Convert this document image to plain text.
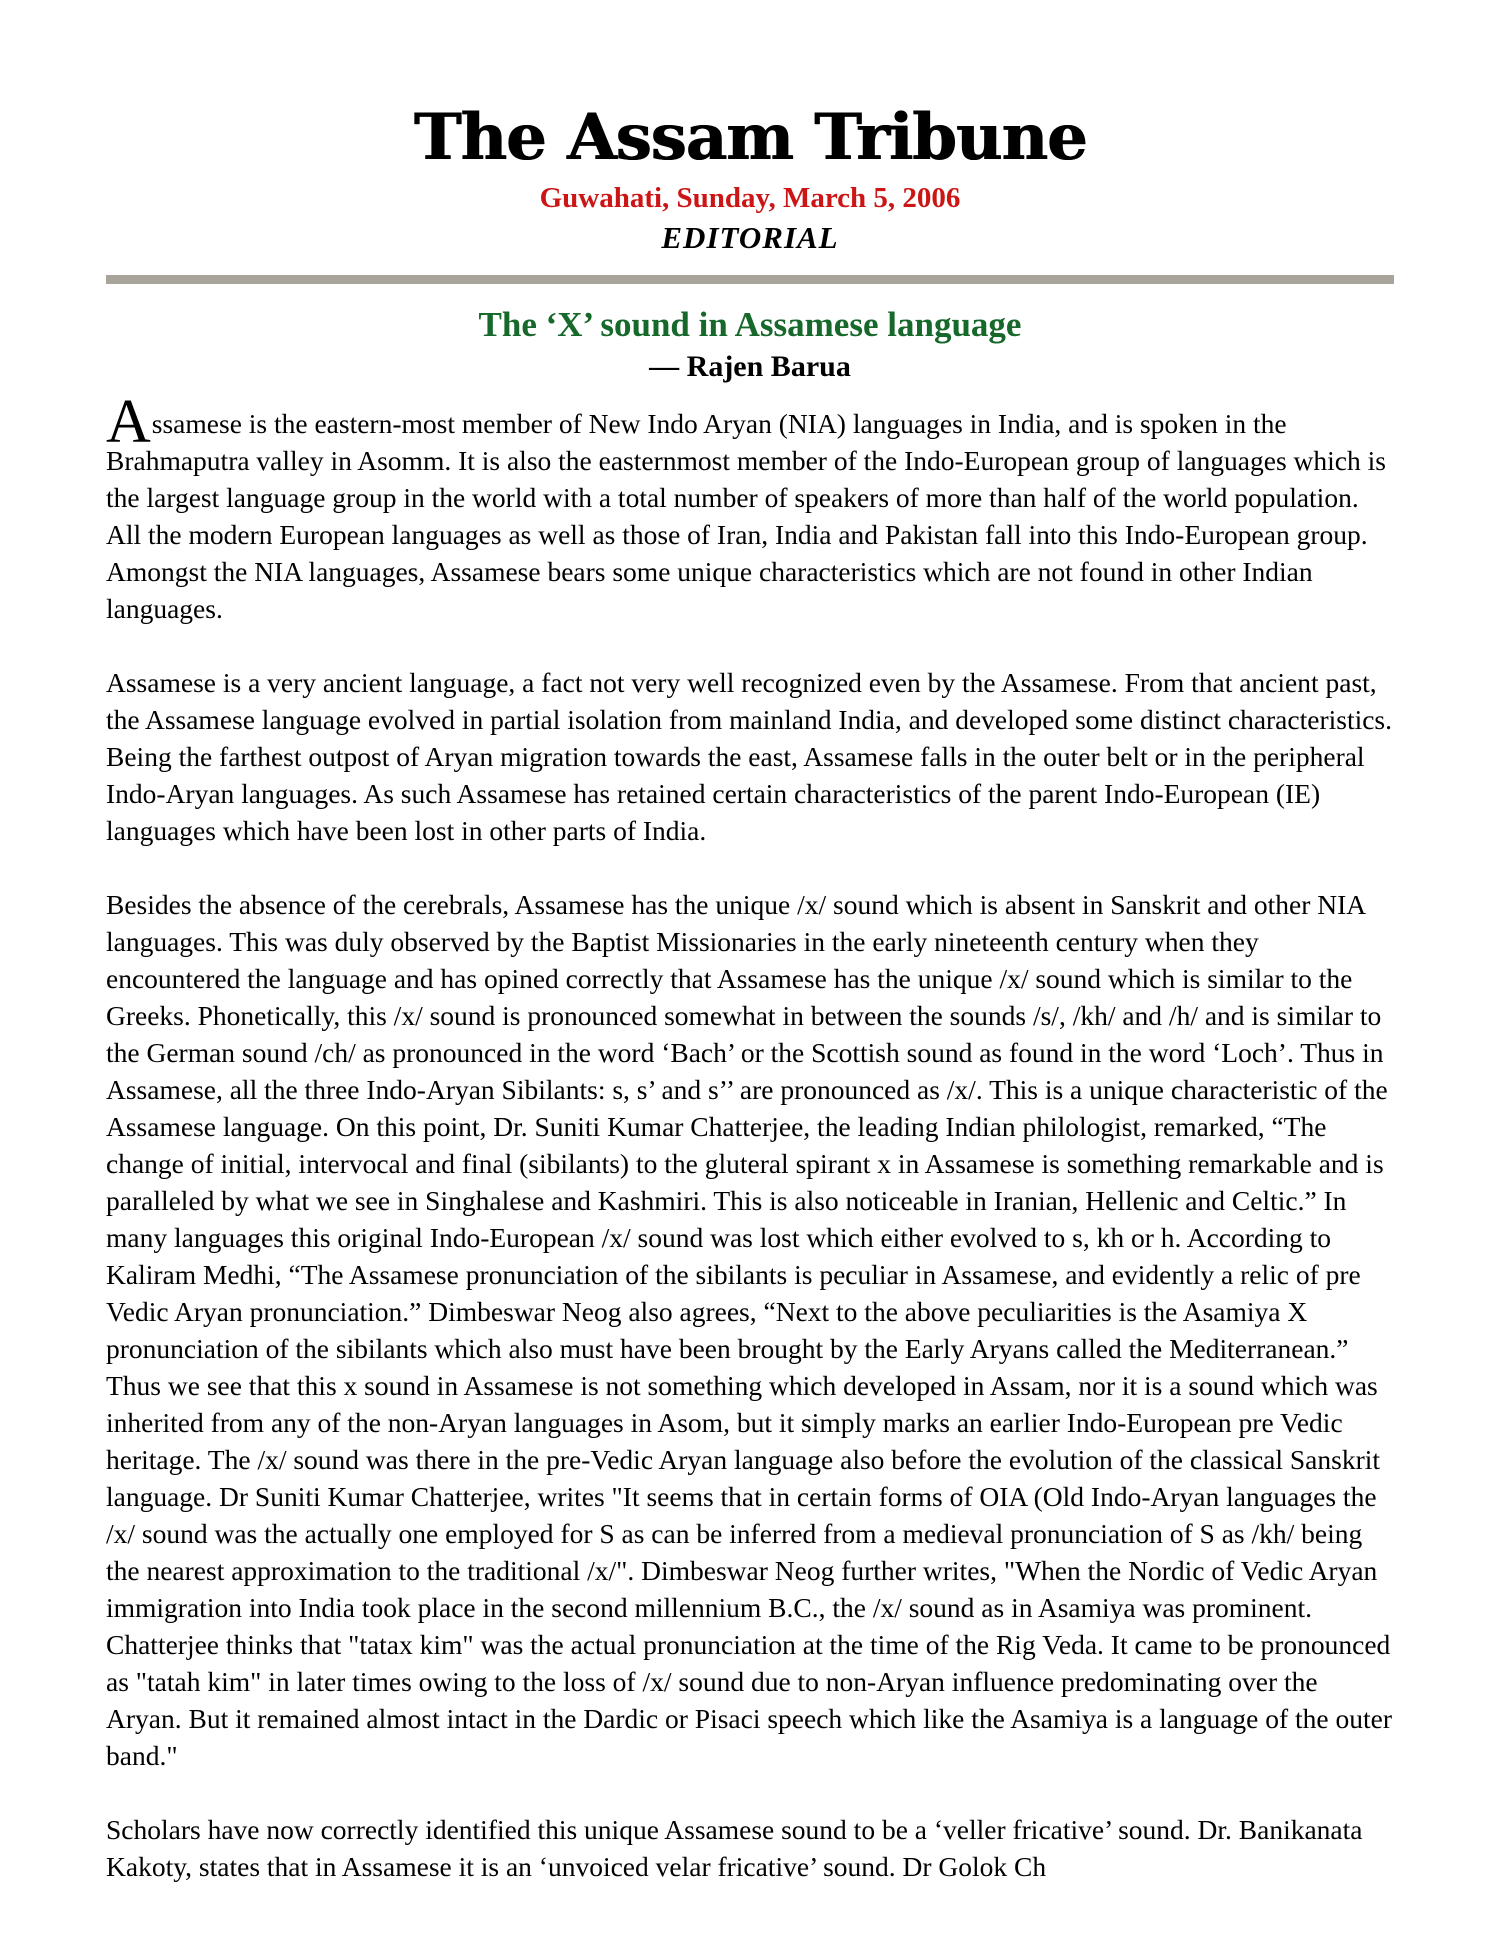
The Assam Tribune
Guwahati, Sunday, March 5, 2006
EDITORIAL
The ‘X’ sound in Assamese language
— Rajen Barua

Assamese is the eastern-most member of New Indo Aryan (NIA) languages in India, and is spoken in the Brahmaputra valley in Asomm. It is also the easternmost member of the Indo-European group of languages which is the largest language group in the world with a total number of speakers of more than half of the world population. All the modern European languages as well as those of Iran, India and Pakistan fall into this Indo-European group. Amongst the NIA languages, Assamese bears some unique characteristics which are not found in other Indian languages.

Assamese is a very ancient language, a fact not very well recognized even by the Assamese. From that ancient past, the Assamese language evolved in partial isolation from mainland India, and developed some distinct characteristics. Being the farthest outpost of Aryan migration towards the east, Assamese falls in the outer belt or in the peripheral Indo-Aryan languages. As such Assamese has retained certain characteristics of the parent Indo-European (IE) languages which have been lost in other parts of India.

Besides the absence of the cerebrals, Assamese has the unique /x/ sound which is absent in Sanskrit and other NIA languages. This was duly observed by the Baptist Missionaries in the early nineteenth century when they encountered the language and has opined correctly that Assamese has the unique /x/ sound which is similar to the Greeks. Phonetically, this /x/ sound is pronounced somewhat in between the sounds /s/, /kh/ and /h/ and is similar to the German sound /ch/ as pronounced in the word ‘Bach’ or the Scottish sound as found in the word ‘Loch’. Thus in Assamese, all the three Indo-Aryan Sibilants: s, s’ and s’’ are pronounced as /x/. This is a unique characteristic of the Assamese language. On this point, Dr. Suniti Kumar Chatterjee, the leading Indian philologist, remarked, “The change of initial, intervocal and final (sibilants) to the gluteral spirant x in Assamese is something remarkable and is paralleled by what we see in Singhalese and Kashmiri. This is also noticeable in Iranian, Hellenic and Celtic.” In many languages this original Indo-European /x/ sound was lost which either evolved to s, kh or h. According to Kaliram Medhi, “The Assamese pronunciation of the sibilants is peculiar in Assamese, and evidently a relic of pre Vedic Aryan pronunciation.” Dimbeswar Neog also agrees, “Next to the above peculiarities is the Asamiya X pronunciation of the sibilants which also must have been brought by the Early Aryans called the Mediterranean.” Thus we see that this x sound in Assamese is not something which developed in Assam, nor it is a sound which was inherited from any of the non-Aryan languages in Asom, but it simply marks an earlier Indo-European pre Vedic heritage. The /x/ sound was there in the pre-Vedic Aryan language also before the evolution of the classical Sanskrit language. Dr Suniti Kumar Chatterjee, writes "It seems that in certain forms of OIA (Old Indo-Aryan languages the /x/ sound was the actually one employed for S as can be inferred from a medieval pronunciation of S as /kh/ being the nearest approximation to the traditional /x/". Dimbeswar Neog further writes, "When the Nordic of Vedic Aryan immigration into India took place in the second millennium B.C., the /x/ sound as in Asamiya was prominent. Chatterjee thinks that "tatax kim" was the actual pronunciation at the time of the Rig Veda. It came to be pronounced as "tatah kim" in later times owing to the loss of /x/ sound due to non-Aryan influence predominating over the Aryan. But it remained almost intact in the Dardic or Pisaci speech which like the Asamiya is a language of the outer band."

Scholars have now correctly identified this unique Assamese sound to be a ‘veller fricative’ sound. Dr. Banikanata Kakoty, states that in Assamese it is an ‘unvoiced velar fricative’ sound. Dr Golok Ch
